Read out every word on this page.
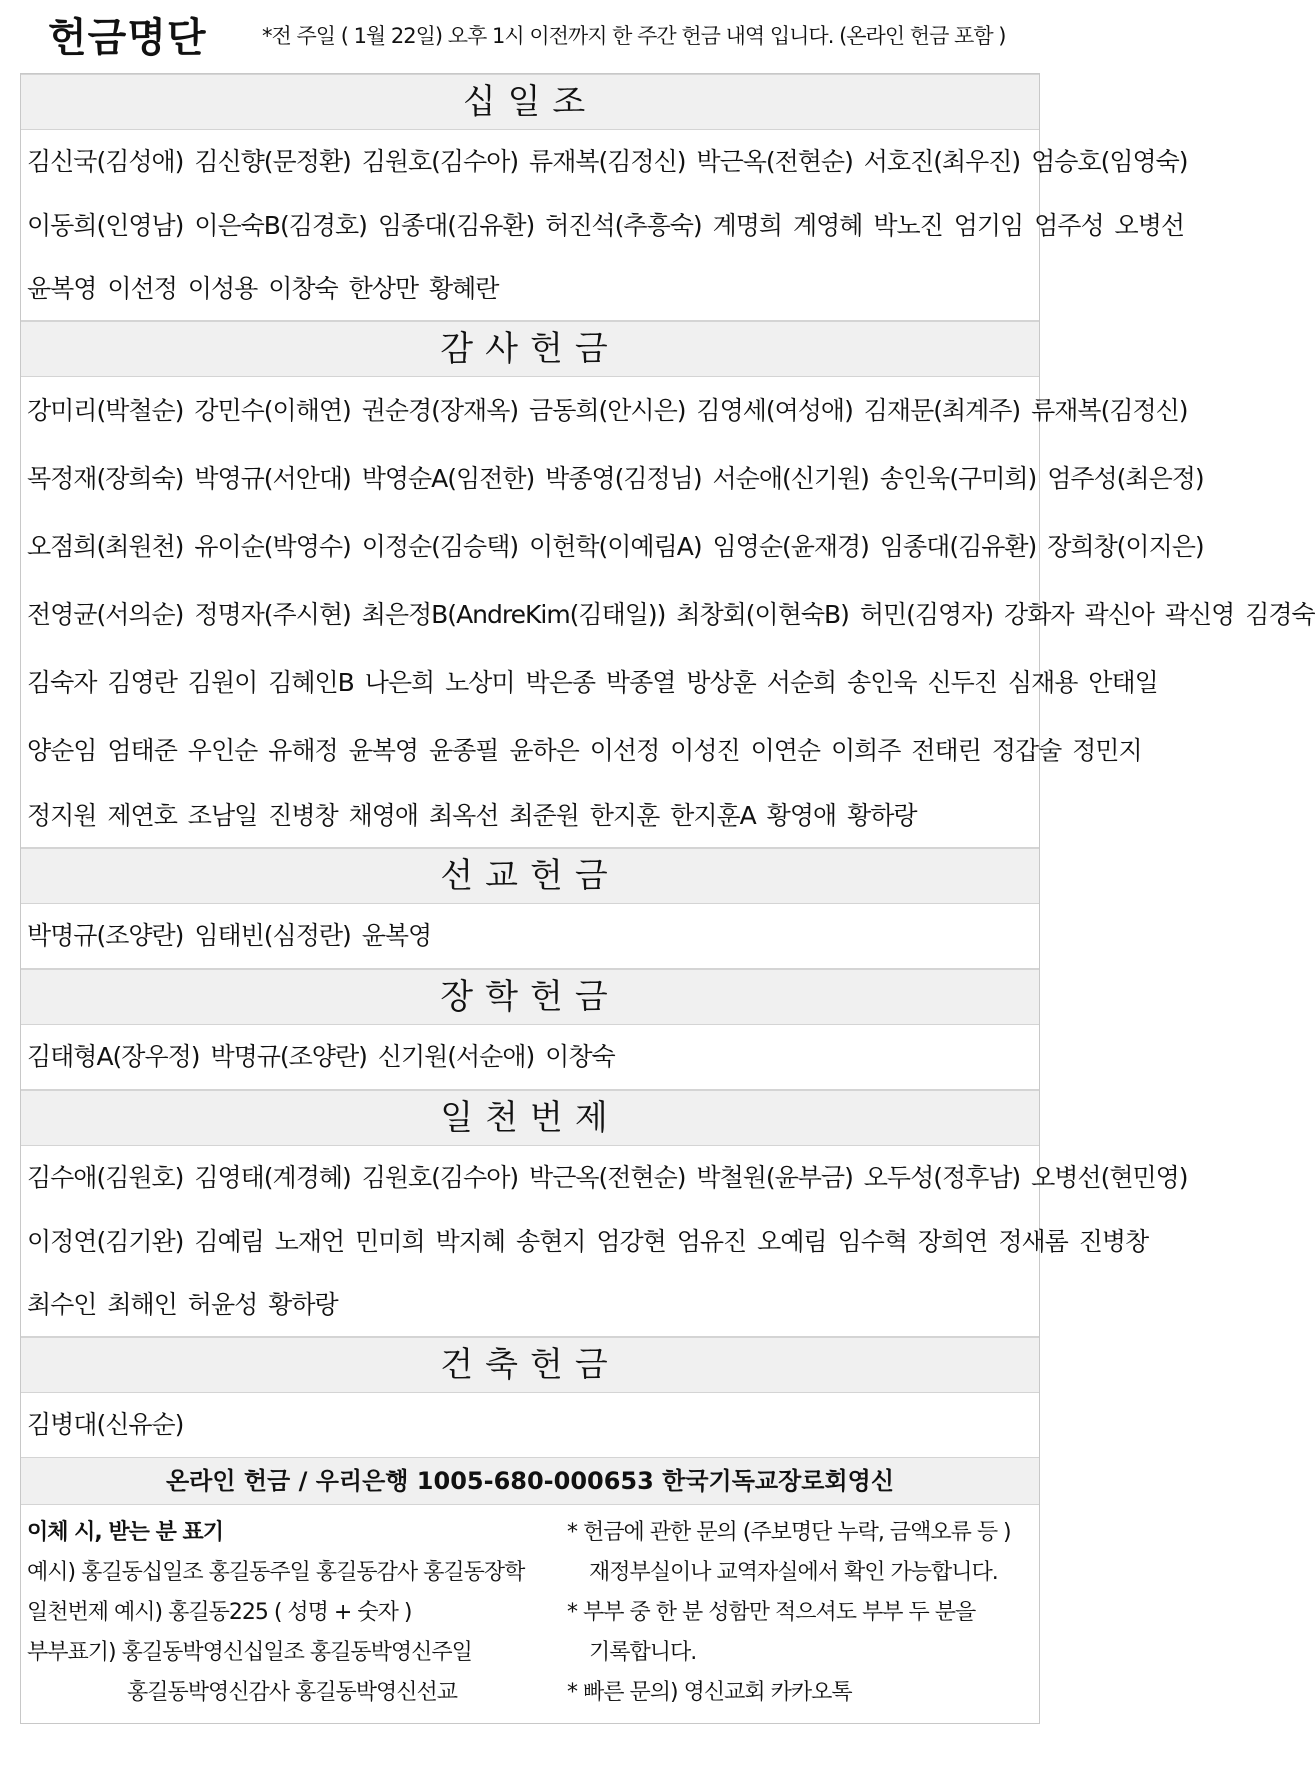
헌금명단	*전 주일 ( 1월 22일) 오후 1시 이전까지 한 주간 헌금 내역 입니다. (온라인 헌금 포함 )
십일조
김신국(김성애) 김신향(문정환) 김원호(김수아) 류재복(김정신) 박근옥(전현순) 서호진(최우진) 엄승호(임영숙)
이동희(인영남) 이은숙B(김경호) 임종대(김유환) 허진석(추흥숙) 계명희 계영혜 박노진 엄기임 엄주성 오병선
윤복영 이선정 이성용 이창숙 한상만 황혜란
감사헌금
강미리(박철순) 강민수(이해연) 권순경(장재옥) 금동희(안시은) 김영세(여성애) 김재문(최계주) 류재복(김정신)
목정재(장희숙) 박영규(서안대) 박영순A(임전한) 박종영(김정님) 서순애(신기원) 송인욱(구미희) 엄주성(최은정)
오점희(최원천) 유이순(박영수) 이정순(김승택) 이헌학(이예림A) 임영순(윤재경) 임종대(김유환) 장희창(이지은)
전영균(서의순) 정명자(주시현) 최은정B(AndreKim(김태일)) 최창회(이현숙B) 허민(김영자) 강화자 곽신아 곽신영 김경숙
김숙자 김영란 김원이 김혜인B 나은희 노상미 박은종 박종열 방상훈 서순희 송인욱 신두진 심재용 안태일
양순임 엄태준 우인순 유해정 윤복영 윤종필 윤하은 이선정 이성진 이연순 이희주 전태린 정갑술 정민지
정지원 제연호 조남일 진병창 채영애 최옥선 최준원 한지훈 한지훈A 황영애 황하랑
선교헌금
박명규(조양란) 임태빈(심정란) 윤복영
장학헌금
김태형A(장우정) 박명규(조양란) 신기원(서순애) 이창숙
일천번제
김수애(김원호) 김영태(계경혜) 김원호(김수아) 박근옥(전현순) 박철원(윤부금) 오두성(정후남) 오병선(현민영)
이정연(김기완) 김예림 노재언 민미희 박지혜 송현지 엄강현 엄유진 오예림 임수혁 장희연 정새롬 진병창
최수인 최해인 허윤성 황하랑
건축헌금
김병대(신유순)
온라인 헌금 / 우리은행 1005-680-000653 한국기독교장로회영신
이체 시, 받는 분 표기
예시) 홍길동십일조 홍길동주일 홍길동감사 홍길동장학
일천번제 예시) 홍길동225 ( 성명 + 숫자 )
부부표기) 홍길동박영신십일조 홍길동박영신주일
홍길동박영신감사 홍길동박영신선교
* 헌금에 관한 문의 (주보명단 누락, 금액오류 등 )
재정부실이나 교역자실에서 확인 가능합니다.
* 부부 중 한 분 성함만 적으셔도 부부 두 분을
기록합니다.
* 빠른 문의) 영신교회 카카오톡
